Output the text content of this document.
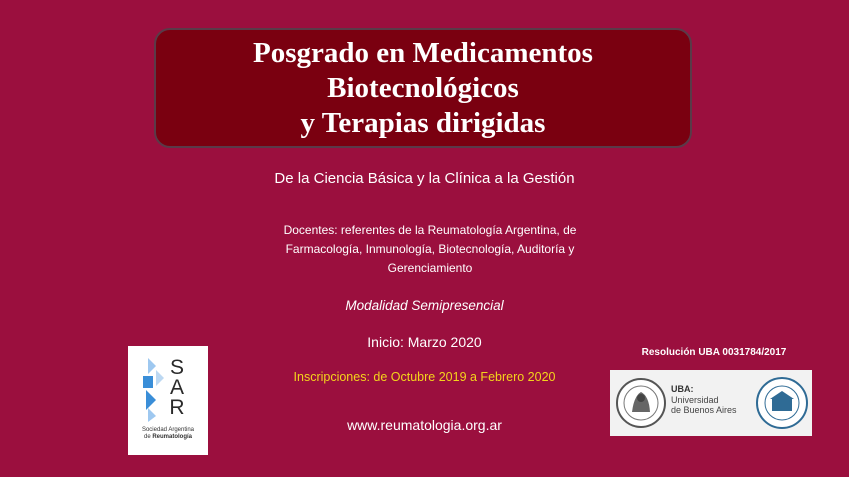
Posgrado en Medicamentos
Biotecnológicos
y Terapias dirigidas
De la Ciencia Básica y la Clínica a la Gestión
Docentes: referentes de la Reumatología Argentina, de
Farmacología, Inmunología, Biotecnología, Auditoría y
Gerenciamiento
Modalidad Semipresencial
Inicio: Marzo 2020
Inscripciones: de Octubre 2019 a Febrero 2020
www.reumatologia.org.ar
Resolución UBA 0031784/2017
S
A
R
Sociedad Argentina
de Reumatología
UBA:
Universidad
de Buenos Aires
